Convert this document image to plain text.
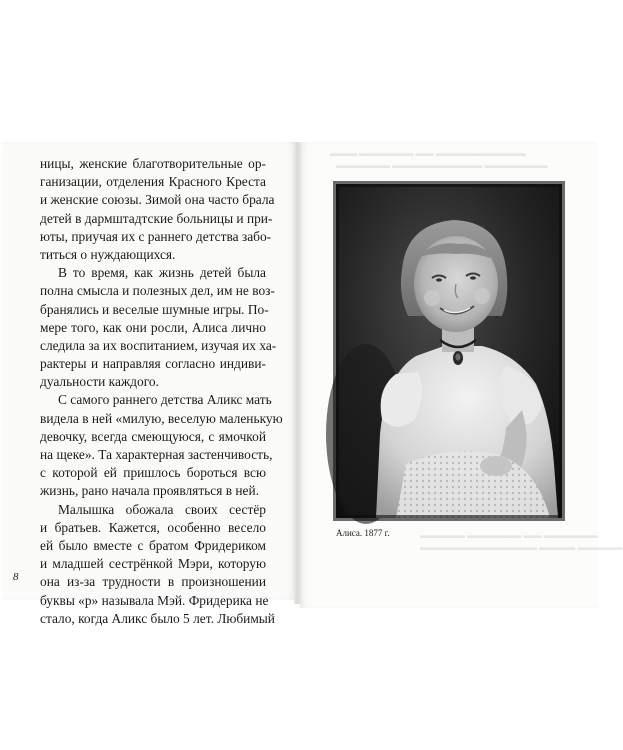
▬▬▬▬▬
ницы, женские благотворительные ор-
ганизации, отделения Красного Креста
и женские союзы. Зимой она часто брала
детей в дармштадтские больницы и при-
юты, приучая их с раннего детства забо-
титься о нуждающихся.
В то время, как жизнь детей была
полна смысла и полезных дел, им не воз-
бранялись и веселые шумные игры. По-
мере того, как они росли, Алиса лично
следила за их воспитанием, изучая их ха-
рактеры и направляя согласно индиви-
дуальности каждого.
С самого раннего детства Аликс мать
видела в ней «милую, веселую маленькую
девочку, всегда смеющуюся, с ямочкой
на щеке». Та характерная застенчивость,
с которой ей пришлось бороться всю
жизнь, рано начала проявляться в ней.
Малышка обожала своих сестёр
и братьев. Кажется, особенно весело
ей было вместе с братом Фридериком
и младшей сестрёнкой Мэри, которую
она из-за трудности в произношении
буквы «р» называла Мэй. Фридерика не
стало, когда Аликс было 5 лет. Любимый
8
Алиса. 1877 г.
